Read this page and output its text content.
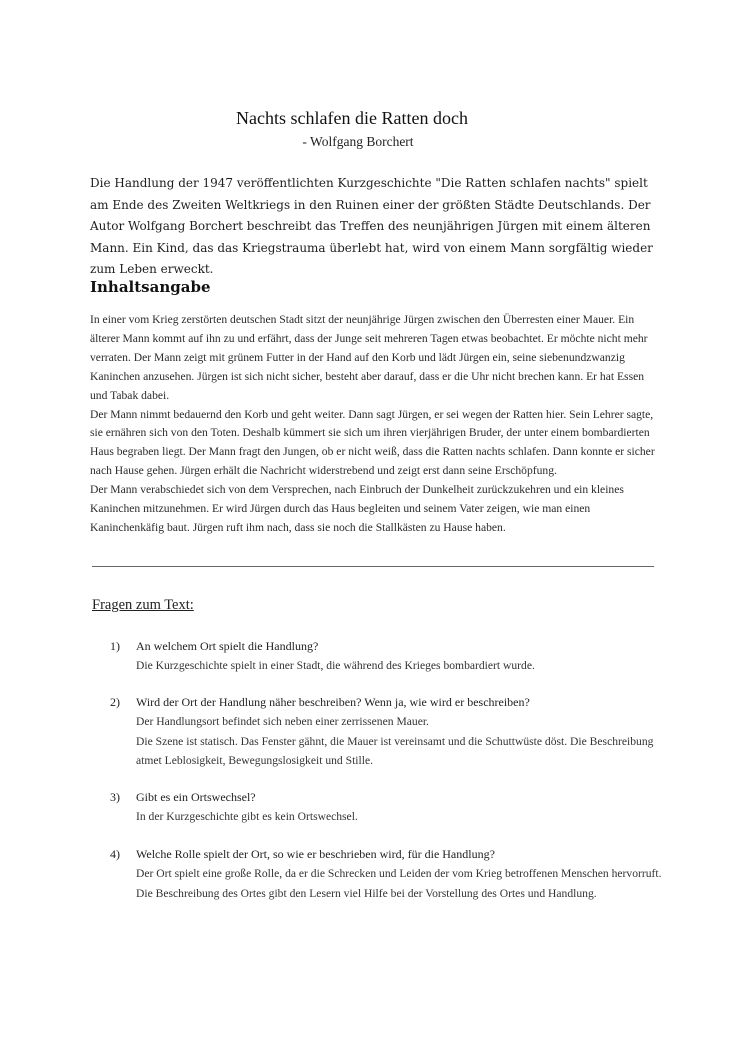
Nachts schlafen die Ratten doch
- Wolfgang Borchert

Die Handlung der 1947 veröffentlichten Kurzgeschichte "Die Ratten schlafen nachts" spielt am Ende des Zweiten Weltkriegs in den Ruinen einer der größten Städte Deutschlands. Der Autor Wolfgang Borchert beschreibt das Treffen des neunjährigen Jürgen mit einem älteren Mann. Ein Kind, das das Kriegstrauma überlebt hat, wird von einem Mann sorgfältig wieder zum Leben erweckt.

Inhaltsangabe

In einer vom Krieg zerstörten deutschen Stadt sitzt der neunjährige Jürgen zwischen den Überresten einer Mauer. Ein älterer Mann kommt auf ihn zu und erfährt, dass der Junge seit mehreren Tagen etwas beobachtet. Er möchte nicht mehr verraten. Der Mann zeigt mit grünem Futter in der Hand auf den Korb und lädt Jürgen ein, seine siebenundzwanzig Kaninchen anzusehen. Jürgen ist sich nicht sicher, besteht aber darauf, dass er die Uhr nicht brechen kann. Er hat Essen und Tabak dabei.

Der Mann nimmt bedauernd den Korb und geht weiter. Dann sagt Jürgen, er sei wegen der Ratten hier. Sein Lehrer sagte, sie ernähren sich von den Toten. Deshalb kümmert sie sich um ihren vierjährigen Bruder, der unter einem bombardierten Haus begraben liegt. Der Mann fragt den Jungen, ob er nicht weiß, dass die Ratten nachts schlafen. Dann konnte er sicher nach Hause gehen. Jürgen erhält die Nachricht widerstrebend und zeigt erst dann seine Erschöpfung.

Der Mann verabschiedet sich von dem Versprechen, nach Einbruch der Dunkelheit zurückzukehren und ein kleines Kaninchen mitzunehmen. Er wird Jürgen durch das Haus begleiten und seinem Vater zeigen, wie man einen Kaninchenkäfig baut. Jürgen ruft ihm nach, dass sie noch die Stallkästen zu Hause haben.

Fragen zum Text:
1)	An welchem Ort spielt die Handlung?

Die Kurzgeschichte spielt in einer Stadt, die während des Krieges bombardiert wurde.

2)	Wird der Ort der Handlung näher beschreiben? Wenn ja, wie wird er beschreiben?

Der Handlungsort befindet sich neben einer zerrissenen Mauer.

Die Szene ist statisch. Das Fenster gähnt, die Mauer ist vereinsamt und die Schuttwüste döst. Die Beschreibung atmet Leblosigkeit, Bewegungslosigkeit und Stille.

3)	Gibt es ein Ortswechsel?

In der Kurzgeschichte gibt es kein Ortswechsel.

4)	Welche Rolle spielt der Ort, so wie er beschrieben wird, für die Handlung?

Der Ort spielt eine große Rolle, da er die Schrecken und Leiden der vom Krieg betroffenen Menschen hervorruft. Die Beschreibung des Ortes gibt den Lesern viel Hilfe bei der Vorstellung des Ortes und Handlung.
